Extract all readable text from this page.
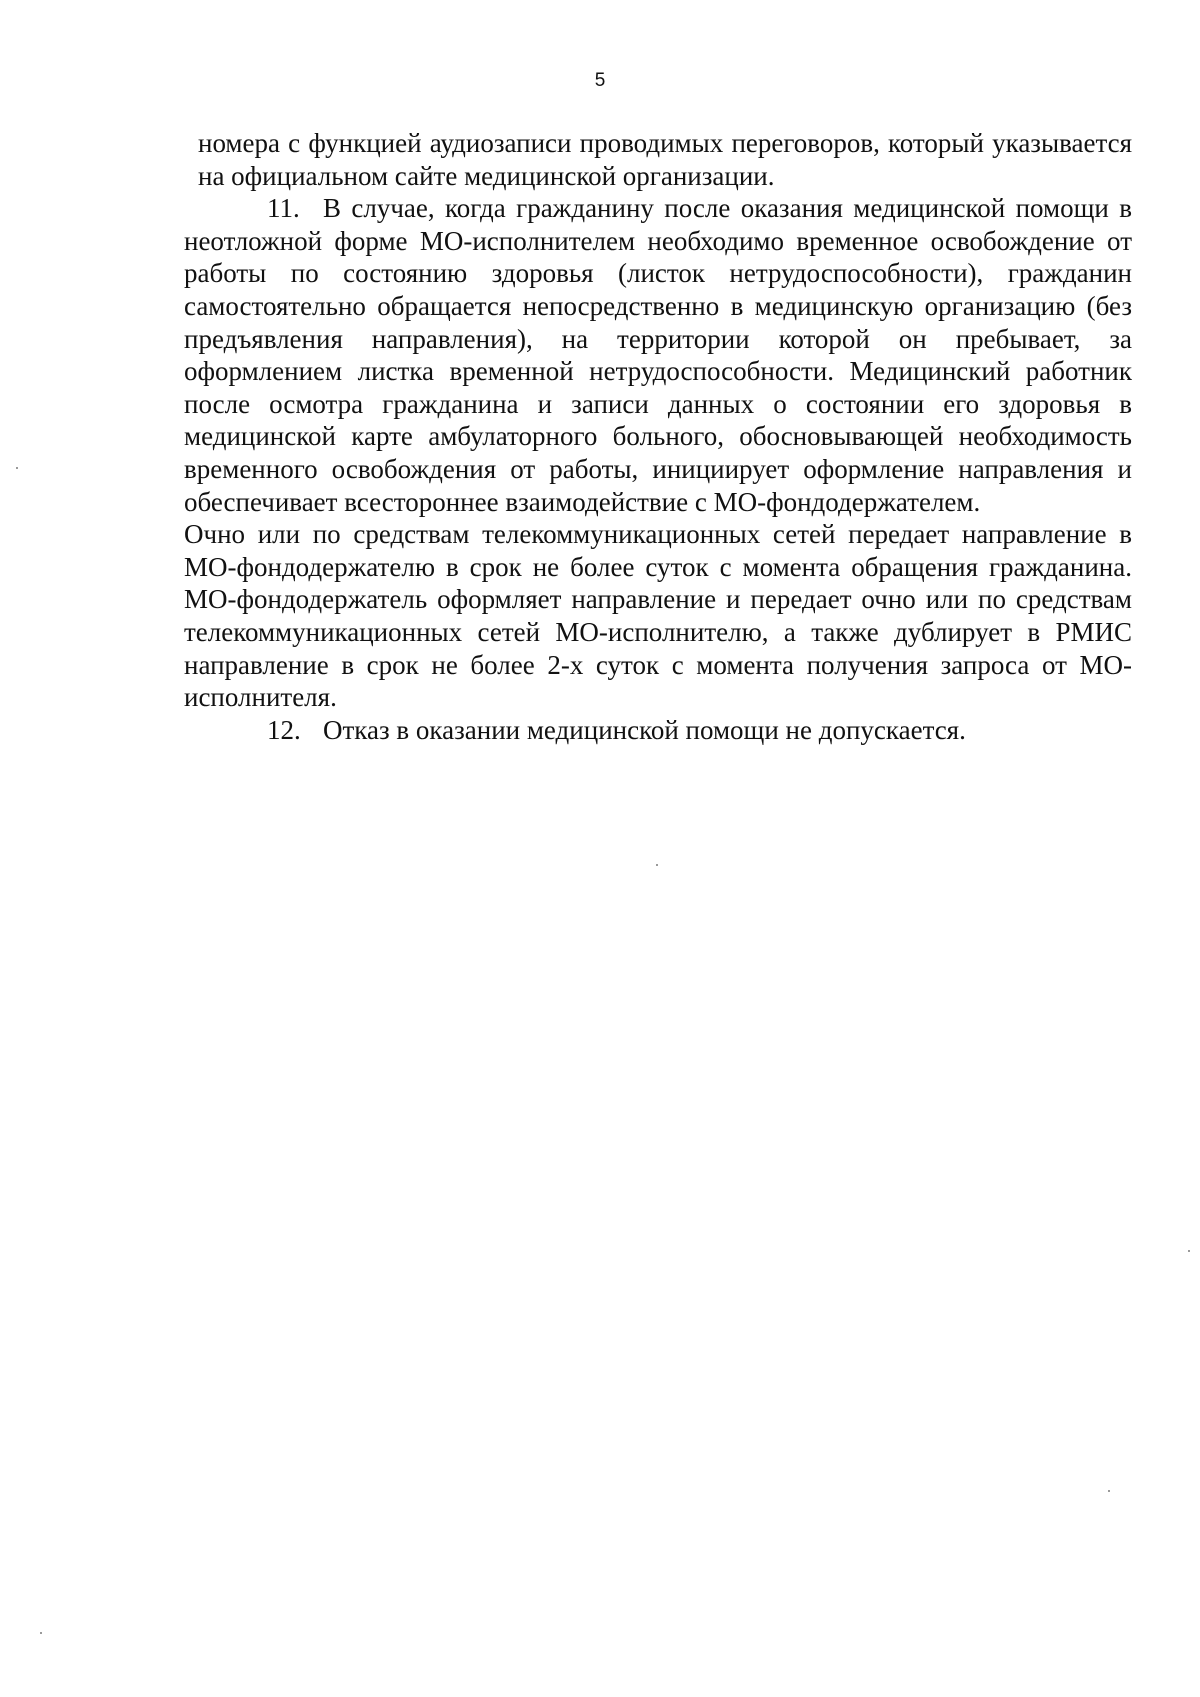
5

номера с функцией аудиозаписи проводимых переговоров, который указывается на официальном сайте медицинской организации.

11. В случае, когда гражданину после оказания медицинской помощи в неотложной форме МО-исполнителем необходимо временное освобождение от работы по состоянию здоровья (листок нетрудоспособности), гражданин самостоятельно обращается непосредственно в медицинскую организацию (без предъявления направления), на территории которой он пребывает, за оформлением листка временной нетрудоспособности. Медицинский работник после осмотра гражданина и записи данных о состоянии его здоровья в медицинской карте амбулаторного больного, обосновывающей необходимость временного освобождения от работы, инициирует оформление направления и обеспечивает всестороннее взаимодействие с МО-фондодержателем.

Очно или по средствам телекоммуникационных сетей передает направление в МО-фондодержателю в срок не более суток с момента обращения гражданина. МО-фондодержатель оформляет направление и передает очно или по средствам телекоммуникационных сетей МО-исполнителю, а также дублирует в РМИС направление в срок не более 2-х суток с момента получения запроса от МО-исполнителя.

12. Отказ в оказании медицинской помощи не допускается.
